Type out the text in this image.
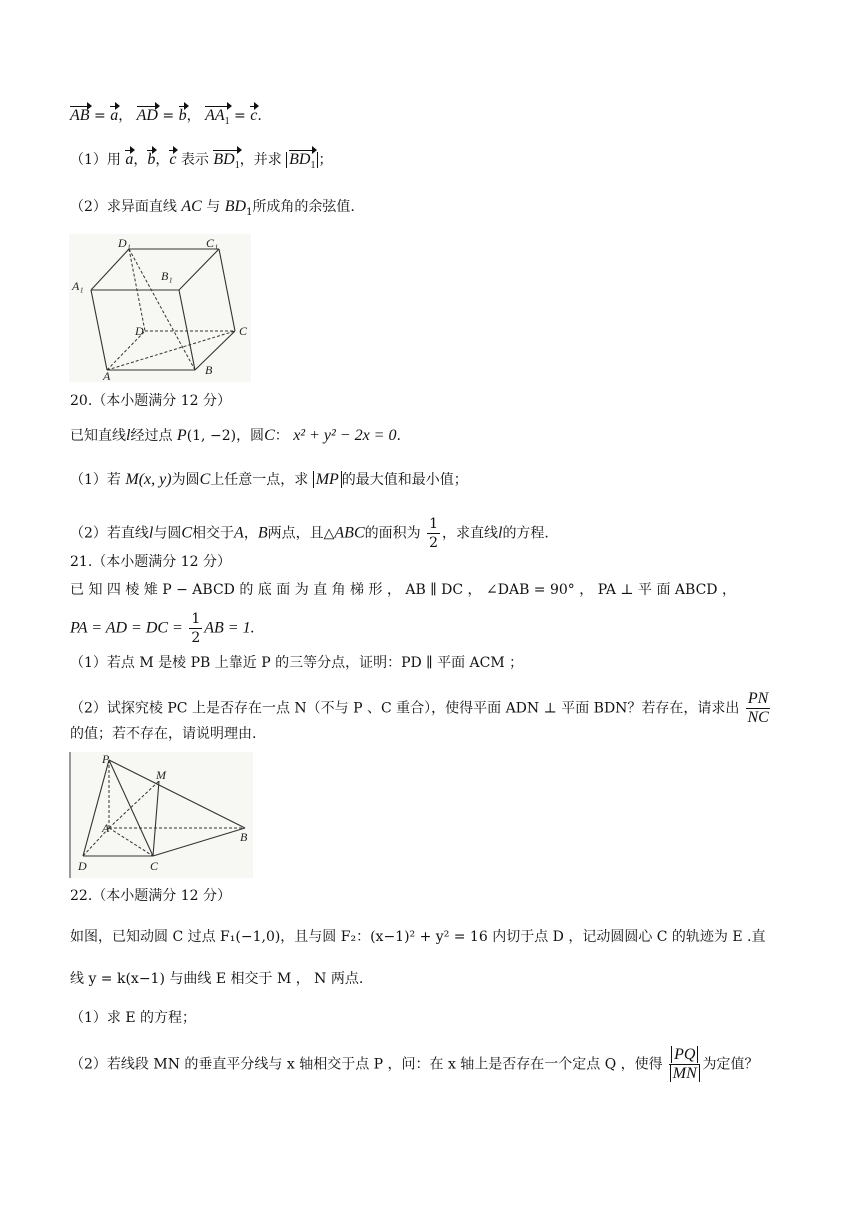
AB = a， AD = b， $AA_1 = c$.
（1）用 a，b，c 表示 $BD_1$，并求 $BD_1$ ；
（2）求异面直线 AC 与 $BD_1$所成角的余弦值.
D₁	C₁
A₁
B₁
D	C
A	B
20.（本小题满分 12 分）
已知直线l经过点 P(1, −2)，圆C： x² + y² − 2x = 0.
（1）若 M(x, y)为圆C上任意一点，求 MP 的最大值和最小值；
（2）若直线l与圆C相交于A，B两点，且△ABC的面积为 $\frac{1}{2}$ ，求直线l的方程.
21.（本小题满分 12 分）
已 知 四 棱 雉 P − ABCD 的 底 面 为 直 角 梯 形 ， AB ∥ DC ， ∠DAB = 90° ， PA ⊥ 平 面 ABCD ，
PA = AD = DC = $\frac{1}{2}$ AB = 1.
（1）若点 M 是棱 PB 上靠近 P 的三等分点，证明：PD ∥ 平面 ACM ；
（2）试探究棱 PC 上是否存在一点 N（不与 P 、C 重合），使得平面 ADN ⊥ 平面 BDN？若存在，请求出 $\frac{PN}{NC}$
的值；若不存在，请说明理由.
P
M
A
B
D	C
22.（本小题满分 12 分）
如图，已知动圆 C 过点 F₁(−1,0)，且与圆 F₂：(x−1)² + y² = 16 内切于点 D ，记动圆圆心 C 的轨迹为 E .直
线 y = k(x−1) 与曲线 E 相交于 M ， N 两点.
（1）求 E 的方程；
（2）若线段 MN 的垂直平分线与 x 轴相交于点 P ，问：在 x 轴上是否存在一个定点 Q ，使得 $\frac{PQ}{MN}$ 为定值？
